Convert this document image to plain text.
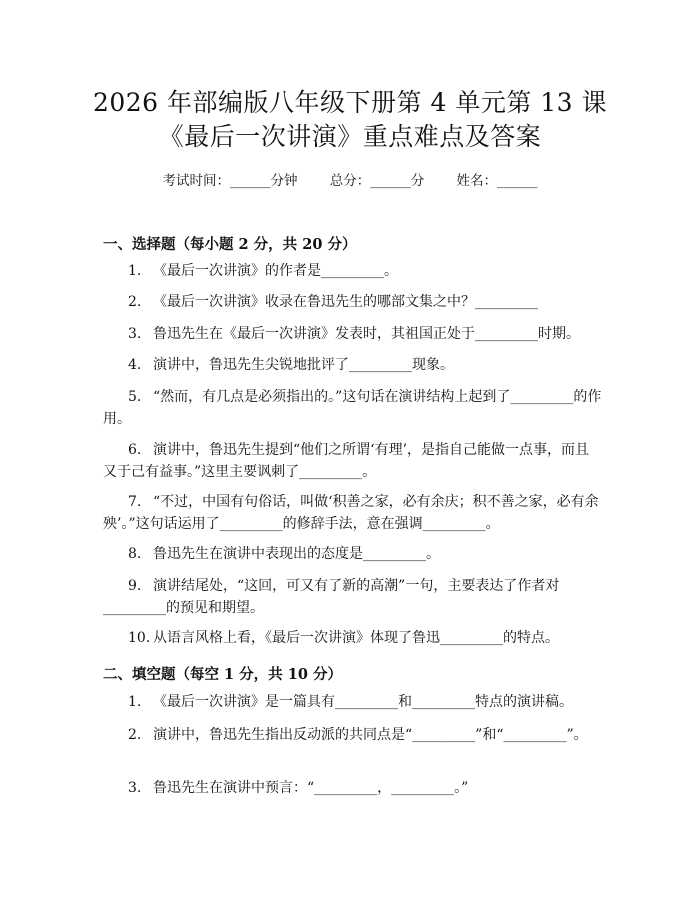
2026 年部编版八年级下册第 4 单元第 13 课
《最后一次讲演》重点难点及答案
考试时间：______分钟 总分：______分 姓名：______
一、选择题（每小题 2 分，共 20 分）
1. 《最后一次讲演》的作者是_________。
2. 《最后一次讲演》收录在鲁迅先生的哪部文集之中？_________
3. 鲁迅先生在《最后一次讲演》发表时，其祖国正处于_________时期。
4. 演讲中，鲁迅先生尖锐地批评了_________现象。
5. “然而，有几点是必须指出的。”这句话在演讲结构上起到了_________的作用。
6. 演讲中，鲁迅先生提到“他们之所谓‘有理’，是指自己能做一点事，而且又于己有益事。”这里主要讽刺了_________。
7. “不过，中国有句俗话，叫做‘积善之家，必有余庆；积不善之家，必有余殃’。”这句话运用了_________的修辞手法，意在强调_________。
8. 鲁迅先生在演讲中表现出的态度是_________。
9. 演讲结尾处，“这回，可又有了新的高潮”一句，主要表达了作者对_________的预见和期望。
10. 从语言风格上看，《最后一次讲演》体现了鲁迅_________的特点。
二、填空题（每空 1 分，共 10 分）
1. 《最后一次讲演》是一篇具有_________和_________特点的演讲稿。
2. 演讲中，鲁迅先生指出反动派的共同点是“_________”和“_________”。
3. 鲁迅先生在演讲中预言：“_________，_________。”
